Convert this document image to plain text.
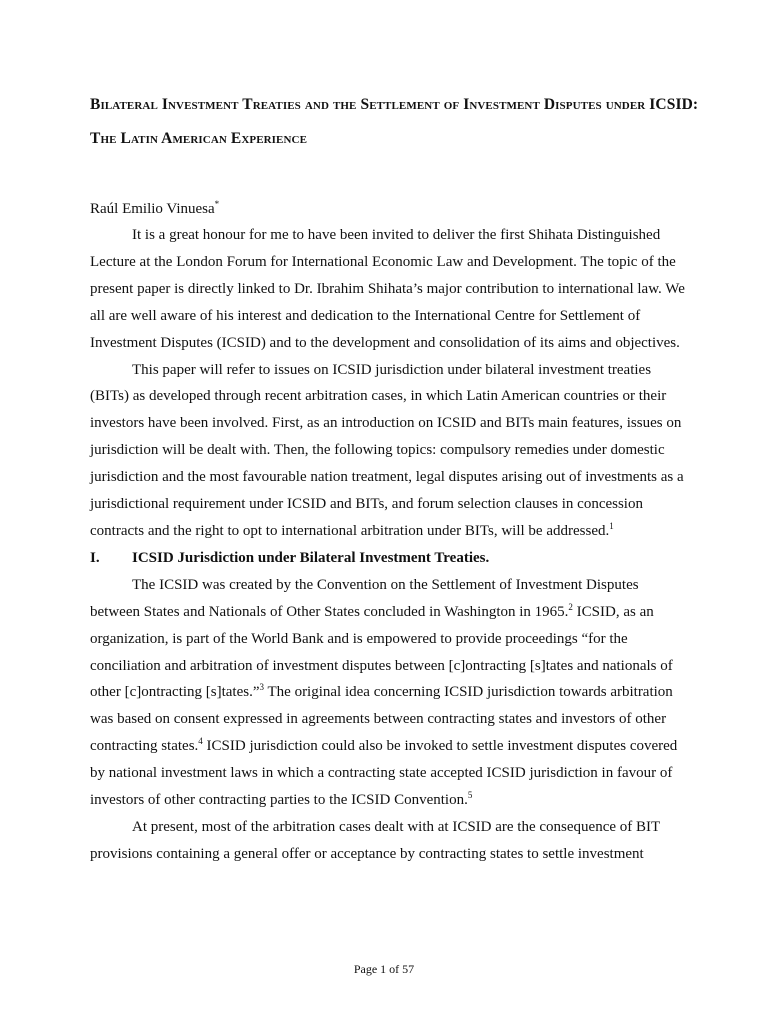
Bilateral Investment Treaties and the Settlement of Investment Disputes under ICSID: The Latin American Experience
Raúl Emilio Vinuesa*

It is a great honour for me to have been invited to deliver the first Shihata Distinguished Lecture at the London Forum for International Economic Law and Development. The topic of the present paper is directly linked to Dr. Ibrahim Shihata’s major contribution to international law. We all are well aware of his interest and dedication to the International Centre for Settlement of Investment Disputes (ICSID) and to the development and consolidation of its aims and objectives.

This paper will refer to issues on ICSID jurisdiction under bilateral investment treaties (BITs) as developed through recent arbitration cases, in which Latin American countries or their investors have been involved. First, as an introduction on ICSID and BITs main features, issues on jurisdiction will be dealt with. Then, the following topics: compulsory remedies under domestic jurisdiction and the most favourable nation treatment, legal disputes arising out of investments as a jurisdictional requirement under ICSID and BITs, and forum selection clauses in concession contracts and the right to opt to international arbitration under BITs, will be addressed.$^1$

I. ICSID Jurisdiction under Bilateral Investment Treaties.

The ICSID was created by the Convention on the Settlement of Investment Disputes between States and Nationals of Other States concluded in Washington in 1965.$^2$ ICSID, as an organization, is part of the World Bank and is empowered to provide proceedings “for the conciliation and arbitration of investment disputes between [c]ontracting [s]tates and nationals of other [c]ontracting [s]tates.”$^3$ The original idea concerning ICSID jurisdiction towards arbitration was based on consent expressed in agreements between contracting states and investors of other contracting states.$^4$ ICSID jurisdiction could also be invoked to settle investment disputes covered by national investment laws in which a contracting state accepted ICSID jurisdiction in favour of investors of other contracting parties to the ICSID Convention.$^5$

At present, most of the arbitration cases dealt with at ICSID are the consequence of BIT provisions containing a general offer or acceptance by contracting states to settle investment

Page 1 of 57
